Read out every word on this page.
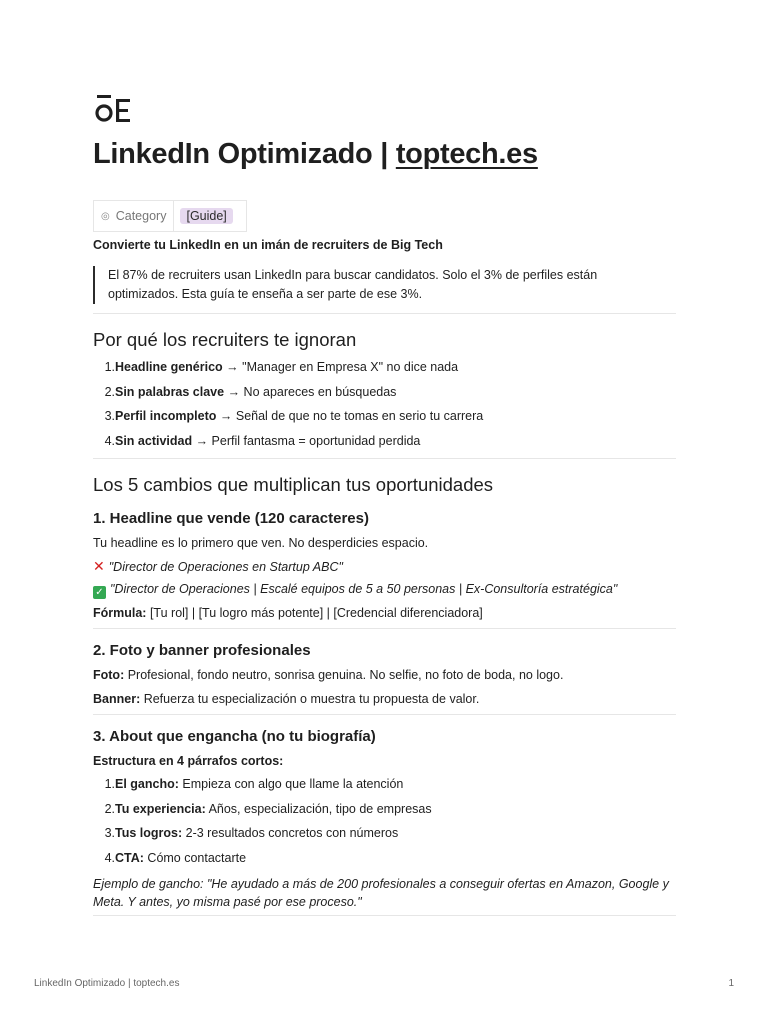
LinkedIn Optimizado | toptech.es
◎ Category	[Guide]

Convierte tu LinkedIn en un imán de recruiters de Big Tech

El 87% de recruiters usan LinkedIn para buscar candidatos. Solo el 3% de perfiles están optimizados. Esta guía te enseña a ser parte de ese 3%.

Por qué los recruiters te ignoran
1. Headline genérico → "Manager en Empresa X" no dice nada
2. Sin palabras clave → No apareces en búsquedas
3. Perfil incompleto → Señal de que no te tomas en serio tu carrera
4. Sin actividad → Perfil fantasma = oportunidad perdida
Los 5 cambios que multiplican tus oportunidades
1. Headline que vende (120 caracteres)

Tu headline es lo primero que ven. No desperdicies espacio.

✕ "Director de Operaciones en Startup ABC"

✓ "Director de Operaciones | Escalé equipos de 5 a 50 personas | Ex-Consultoría estratégica"

Fórmula: [Tu rol] | [Tu logro más potente] | [Credencial diferenciadora]

2. Foto y banner profesionales

Foto: Profesional, fondo neutro, sonrisa genuina. No selfie, no foto de boda, no logo.

Banner: Refuerza tu especialización o muestra tu propuesta de valor.

3. About que engancha (no tu biografía)

Estructura en 4 párrafos cortos:

1. El gancho: Empieza con algo que llame la atención
2. Tu experiencia: Años, especialización, tipo de empresas
3. Tus logros: 2-3 resultados concretos con números
4. CTA: Cómo contactarte

Ejemplo de gancho: "He ayudado a más de 200 profesionales a conseguir ofertas en Amazon, Google y Meta. Y antes, yo misma pasé por ese proceso."

LinkedIn Optimizado | toptech.es	1
